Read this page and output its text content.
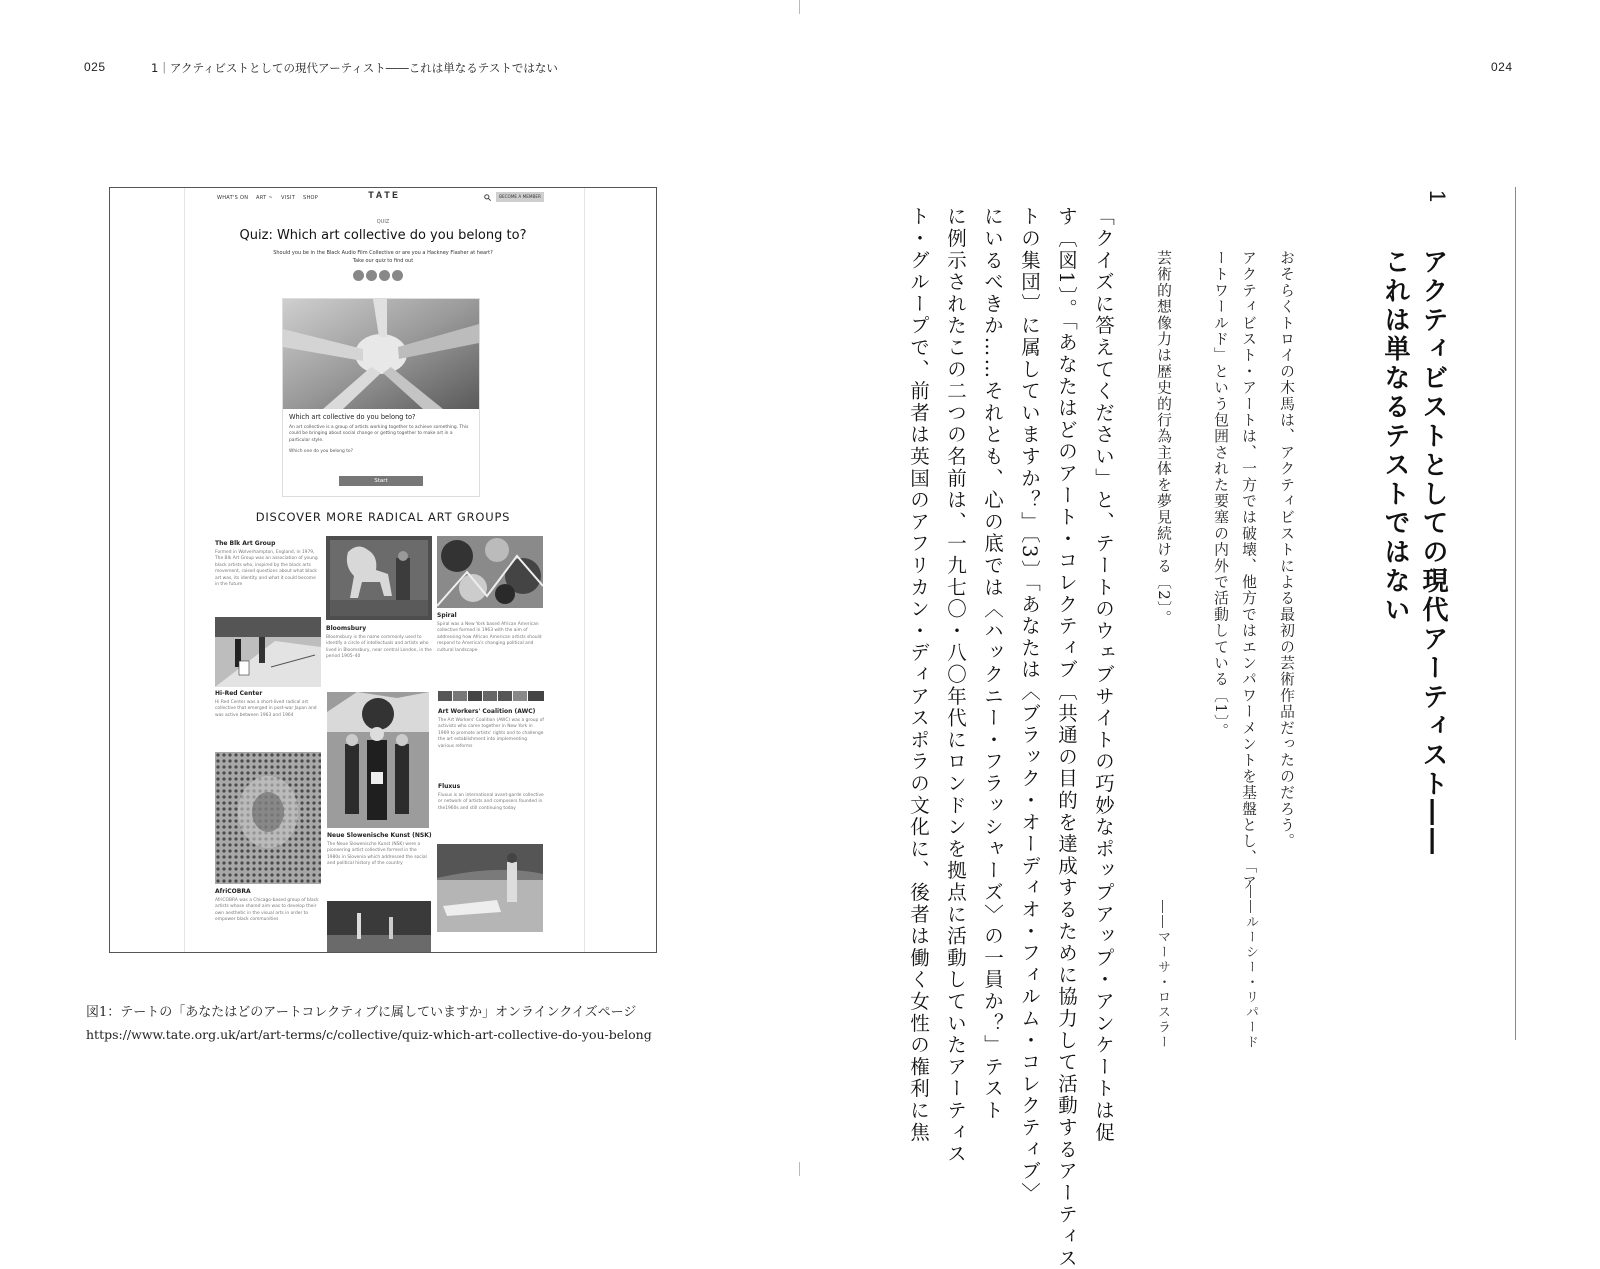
025	1｜アクティビストとしての現代アーティスト――これは単なるテストではない	024
WHAT'S ON ART ~ VISIT SHOP	TATE	BECOME A MEMBER
QUIZ
Quiz: Which art collective do you belong to?
Should you be in the Black Audio Film Collective or are you a Hackney Flasher at heart?
Take our quiz to find out
Which art collective do you belong to?
An art collective is a group of artists working together to achieve something. This could be bringing about social change or getting together to make art in a particular style.
Which one do you belong to?
Start
DISCOVER MORE RADICAL ART GROUPS
The Blk Art Group
Formed in Wolverhampton, England, in 1979, The Blk Art Group was an association of young black artists who, inspired by the black arts movement, raised questions about what black art was, its identity and what it could become in the future
Bloomsbury
Bloomsbury is the name commonly used to identify a circle of intellectuals and artists who lived in Bloomsbury, near central London, in the period 1905–40
Spiral
Spiral was a New York based African American collective formed in 1963 with the aim of addressing how African American artists should respond to America's changing political and cultural landscape
Hi-Red Center
Hi Red Center was a short-lived radical art collective that emerged in post-war Japan and was active between 1963 and 1964
Neue Slowenische Kunst (NSK)
The Neue Slowenische Kunst (NSK) were a pioneering artist collective formed in the 1980s in Slovenia which addressed the social and political history of the country
Art Workers' Coalition (AWC)
The Art Workers' Coalition (AWC) was a group of activists who came together in New York in 1969 to promote artists' rights and to challenge the art establishment into implementing various reforms
Fluxus
Fluxus is an international avant-garde collective or network of artists and composers founded in the1960s and still continuing today
AfriCOBRA
AfriCOBRA was a Chicago-based group of black artists whose shared aim was to develop their own aesthetic in the visual arts in order to empower black communities
図1：テートの「あなたはどのアートコレクティブに属していますか」オンラインクイズページ
https://www.tate.org.uk/art/art-terms/c/collective/quiz-which-art-collective-do-you-belong
1
アクティビストとしての現代アーティスト――
これは単なるテストではない
おそらくトロイの木馬は、アクティビストによる最初の芸術作品だったのだろう。
――ルーシー・リパード
アクティビスト・アートは、一方では破壊、他方ではエンパワーメントを基盤とし、「ア
ートワールド」という包囲された要塞の内外で活動している〔1〕。
芸術的想像力は歴史的行為主体を夢見続ける〔2〕。
――マーサ・ロスラー
「クイズに答えてください」と、テートのウェブサイトの巧妙なポップアップ・アンケートは促
す〔図1〕。「あなたはどのアート・コレクティブ〔共通の目的を達成するために協力して活動するアーティス
トの集団〕に属していますか？」〔3〕「あなたは〈ブラック・オーディオ・フィルム・コレクティブ〉
にいるべきか……それとも、心の底では〈ハックニー・フラッシャーズ〉の一員か？」テスト
に例示されたこの二つの名前は、一九七〇・八〇年代にロンドンを拠点に活動していたアーティス
ト・グループで、前者は英国のアフリカン・ディアスポラの文化に、後者は働く女性の権利に焦
